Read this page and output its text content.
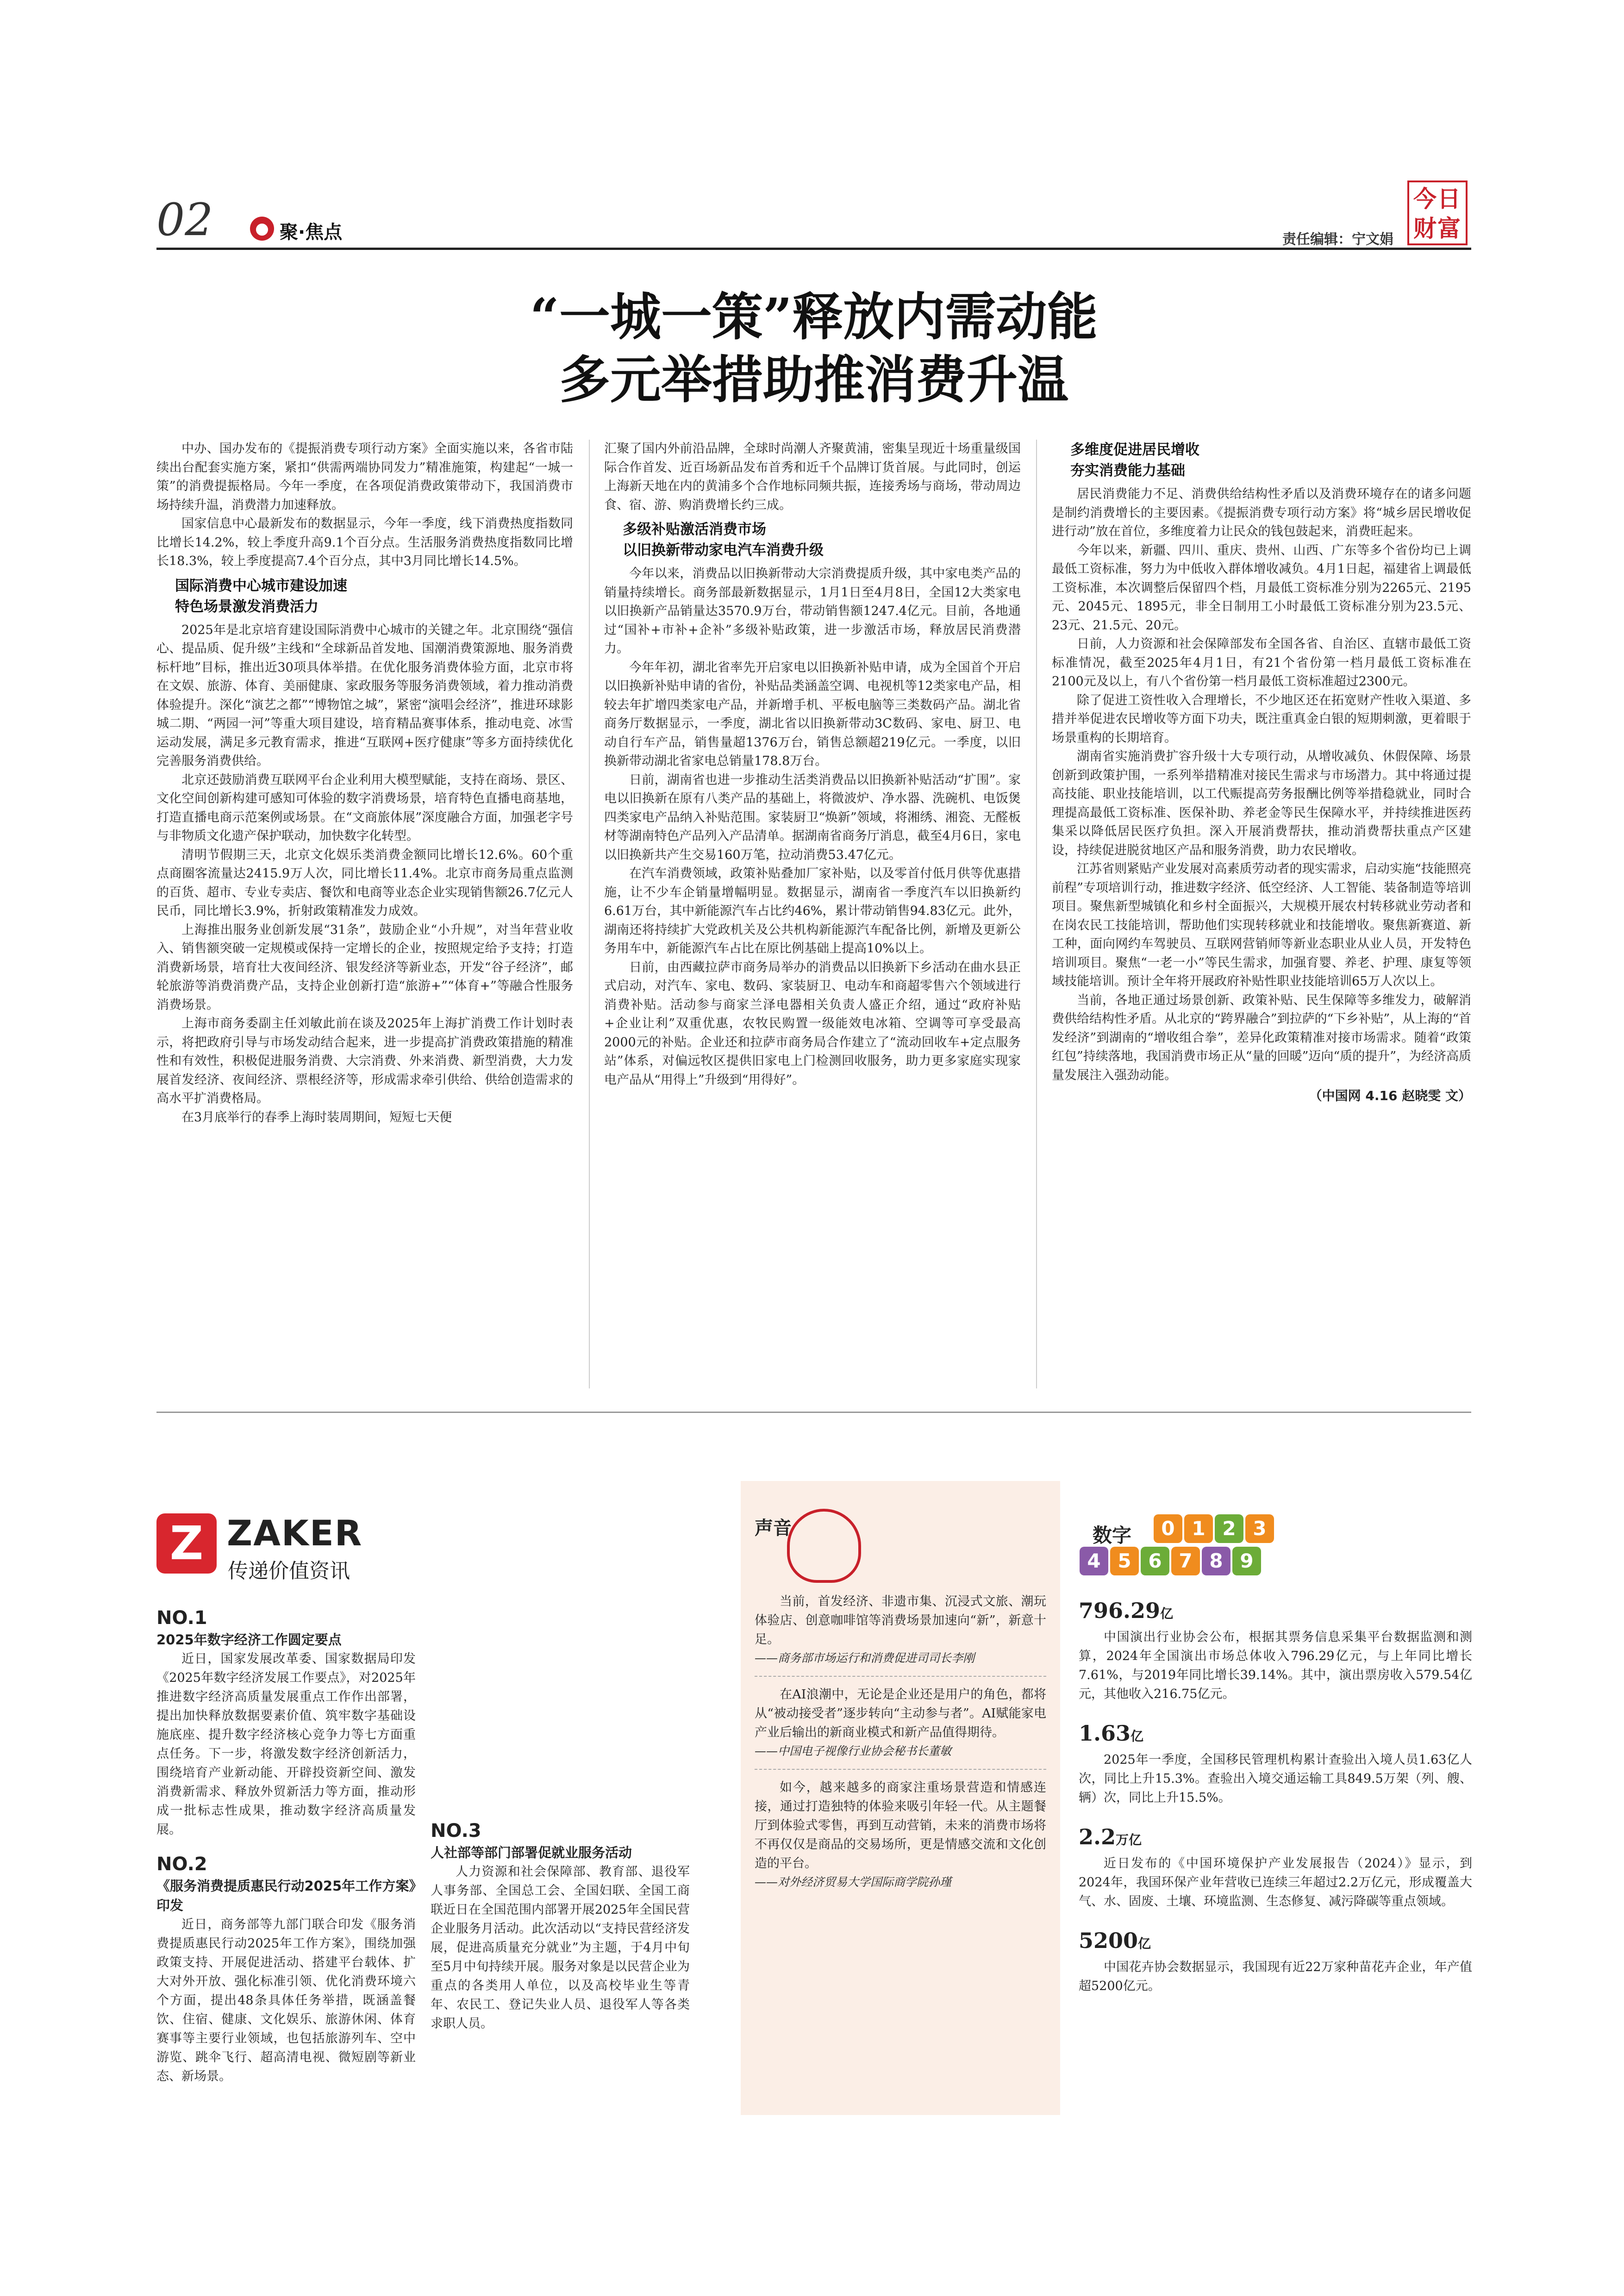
02	● 聚·焦点	责任编辑：宁文娟
今日财富
“一城一策”释放内需动能
多元举措助推消费升温

中办、国办发布的《提振消费专项行动方案》全面实施以来，各省市陆续出台配套实施方案，紧扣“供需两端协同发力”精准施策，构建起“一城一策”的消费提振格局。今年一季度，在各项促消费政策带动下，我国消费市场持续升温，消费潜力加速释放。

国家信息中心最新发布的数据显示，今年一季度，线下消费热度指数同比增长14.2%，较上季度升高9.1个百分点。生活服务消费热度指数同比增长18.3%，较上季度提高7.4个百分点，其中3月同比增长14.5%。

国际消费中心城市建设加速
特色场景激发消费活力

2025年是北京培育建设国际消费中心城市的关键之年。北京围绕“强信心、提品质、促升级”主线和“全球新品首发地、国潮消费策源地、服务消费标杆地”目标，推出近30项具体举措。在优化服务消费体验方面，北京市将在文娱、旅游、体育、美丽健康、家政服务等服务消费领域，着力推动消费体验提升。深化“演艺之都”“博物馆之城”，紧密“演唱会经济”，推进环球影城二期、“两园一河”等重大项目建设，培育精品赛事体系，推动电竞、冰雪运动发展，满足多元教育需求，推进“互联网+医疗健康”等多方面持续优化完善服务消费供给。

北京还鼓励消费互联网平台企业利用大模型赋能，支持在商场、景区、文化空间创新构建可感知可体验的数字消费场景，培育特色直播电商基地，打造直播电商示范案例或场景。在“文商旅体展”深度融合方面，加强老字号与非物质文化遗产保护联动，加快数字化转型。

清明节假期三天，北京文化娱乐类消费金额同比增长12.6%。60个重点商圈客流量达2415.9万人次，同比增长11.4%。北京市商务局重点监测的百货、超市、专业专卖店、餐饮和电商等业态企业实现销售额26.7亿元人民币，同比增长3.9%，折射政策精准发力成效。

上海推出服务业创新发展“31条”，鼓励企业“小升规”，对当年营业收入、销售额突破一定规模或保持一定增长的企业，按照规定给予支持；打造消费新场景，培育壮大夜间经济、银发经济等新业态，开发“谷子经济”，邮轮旅游等消费消费产品，支持企业创新打造“旅游+”“体育+”等融合性服务消费场景。

上海市商务委副主任刘敏此前在谈及2025年上海扩消费工作计划时表示，将把政府引导与市场发动结合起来，进一步提高扩消费政策措施的精准性和有效性，积极促进服务消费、大宗消费、外来消费、新型消费，大力发展首发经济、夜间经济、票根经济等，形成需求牵引供给、供给创造需求的高水平扩消费格局。

在3月底举行的春季上海时装周期间，短短七天便

汇聚了国内外前沿品牌，全球时尚潮人齐聚黄浦，密集呈现近十场重量级国际合作首发、近百场新品发布首秀和近千个品牌订货首展。与此同时，创运上海新天地在内的黄浦多个合作地标同频共振，连接秀场与商场，带动周边食、宿、游、购消费增长约三成。

多级补贴激活消费市场
以旧换新带动家电汽车消费升级

今年以来，消费品以旧换新带动大宗消费提质升级，其中家电类产品的销量持续增长。商务部最新数据显示，1月1日至4月8日，全国12大类家电以旧换新产品销量达3570.9万台，带动销售额1247.4亿元。目前，各地通过“国补+市补+企补”多级补贴政策，进一步激活市场，释放居民消费潜力。

今年年初，湖北省率先开启家电以旧换新补贴申请，成为全国首个开启以旧换新补贴申请的省份，补贴品类涵盖空调、电视机等12类家电产品，相较去年扩增四类家电产品，并新增手机、平板电脑等三类数码产品。湖北省商务厅数据显示，一季度，湖北省以旧换新带动3C数码、家电、厨卫、电动自行车产品，销售量超1376万台，销售总额超219亿元。一季度，以旧换新带动湖北省家电总销量178.8万台。

日前，湖南省也进一步推动生活类消费品以旧换新补贴活动“扩围”。家电以旧换新在原有八类产品的基础上，将微波炉、净水器、洗碗机、电饭煲四类家电产品纳入补贴范围。家装厨卫“焕新”领域，将湘绣、湘瓷、无醛板材等湖南特色产品列入产品清单。据湖南省商务厅消息，截至4月6日，家电以旧换新共产生交易160万笔，拉动消费53.47亿元。

在汽车消费领域，政策补贴叠加厂家补贴，以及零首付低月供等优惠措施，让不少车企销量增幅明显。数据显示，湖南省一季度汽车以旧换新约6.61万台，其中新能源汽车占比约46%，累计带动销售94.83亿元。此外，湖南还将持续扩大党政机关及公共机构新能源汽车配备比例，新增及更新公务用车中，新能源汽车占比在原比例基础上提高10%以上。

日前，由西藏拉萨市商务局举办的消费品以旧换新下乡活动在曲水县正式启动，对汽车、家电、数码、家装厨卫、电动车和商超零售六个领域进行消费补贴。活动参与商家兰泽电器相关负责人盛正介绍，通过“政府补贴+企业让利”双重优惠，农牧民购置一级能效电冰箱、空调等可享受最高2000元的补贴。企业还和拉萨市商务局合作建立了“流动回收车+定点服务站”体系，对偏远牧区提供旧家电上门检测回收服务，助力更多家庭实现家电产品从“用得上”升级到“用得好”。

多维度促进居民增收
夯实消费能力基础

居民消费能力不足、消费供给结构性矛盾以及消费环境存在的诸多问题是制约消费增长的主要因素。《提振消费专项行动方案》将“城乡居民增收促进行动”放在首位，多维度着力让民众的钱包鼓起来，消费旺起来。

今年以来，新疆、四川、重庆、贵州、山西、广东等多个省份均已上调最低工资标准，努力为中低收入群体增收减负。4月1日起，福建省上调最低工资标准，本次调整后保留四个档，月最低工资标准分别为2265元、2195元、2045元、1895元，非全日制用工小时最低工资标准分别为23.5元、23元、21.5元、20元。

日前，人力资源和社会保障部发布全国各省、自治区、直辖市最低工资标准情况，截至2025年4月1日，有21个省份第一档月最低工资标准在2100元及以上，有八个省份第一档月最低工资标准超过2300元。

除了促进工资性收入合理增长，不少地区还在拓宽财产性收入渠道、多措并举促进农民增收等方面下功夫，既注重真金白银的短期刺激，更着眼于场景重构的长期培育。

湖南省实施消费扩容升级十大专项行动，从增收减负、休假保障、场景创新到政策护围，一系列举措精准对接民生需求与市场潜力。其中将通过提高技能、职业技能培训，以工代赈提高劳务报酬比例等举措稳就业，同时合理提高最低工资标准、医保补助、养老金等民生保障水平，并持续推进医药集采以降低居民医疗负担。深入开展消费帮扶，推动消费帮扶重点产区建设，持续促进脱贫地区产品和服务消费，助力农民增收。

江苏省则紧贴产业发展对高素质劳动者的现实需求，启动实施“技能照亮前程”专项培训行动，推进数字经济、低空经济、人工智能、装备制造等培训项目。聚焦新型城镇化和乡村全面振兴，大规模开展农村转移就业劳动者和在岗农民工技能培训，帮助他们实现转移就业和技能增收。聚焦新赛道、新工种，面向网约车驾驶员、互联网营销师等新业态职业从业人员，开发特色培训项目。聚焦“一老一小”等民生需求，加强育婴、养老、护理、康复等领域技能培训。预计全年将开展政府补贴性职业技能培训65万人次以上。

当前，各地正通过场景创新、政策补贴、民生保障等多维发力，破解消费供给结构性矛盾。从北京的“跨界融合”到拉萨的“下乡补贴”，从上海的“首发经济”到湖南的“增收组合拳”，差异化政策精准对接市场需求。随着“政策红包”持续落地，我国消费市场正从“量的回暖”迈向“质的提升”，为经济高质量发展注入强劲动能。

（中国网 4.16 赵晓雯 文）
Z ZAKER
传递价值资讯
NO.1
2025年数字经济工作圆定要点

近日，国家发展改革委、国家数据局印发《2025年数字经济发展工作要点》，对2025年推进数字经济高质量发展重点工作作出部署，提出加快释放数据要素价值、筑牢数字基础设施底座、提升数字经济核心竞争力等七方面重点任务。下一步，将激发数字经济创新活力，围绕培育产业新动能、开辟投资新空间、激发消费新需求、释放外贸新活力等方面，推动形成一批标志性成果，推动数字经济高质量发展。

NO.2
《服务消费提质惠民行动2025年工作方案》印发

近日，商务部等九部门联合印发《服务消费提质惠民行动2025年工作方案》，围绕加强政策支持、开展促进活动、搭建平台载体、扩大对外开放、强化标准引领、优化消费环境六个方面，提出48条具体任务举措，既涵盖餐饮、住宿、健康、文化娱乐、旅游休闲、体育赛事等主要行业领域，也包括旅游列车、空中游览、跳伞飞行、超高清电视、微短剧等新业态、新场景。

NO.3
人社部等部门部署促就业服务活动

人力资源和社会保障部、教育部、退役军人事务部、全国总工会、全国妇联、全国工商联近日在全国范围内部署开展2025年全国民营企业服务月活动。此次活动以“支持民营经济发展，促进高质量充分就业”为主题，于4月中旬至5月中旬持续开展。服务对象是以民营企业为重点的各类用人单位，以及高校毕业生等青年、农民工、登记失业人员、退役军人等各类求职人员。

声音

当前，首发经济、非遗市集、沉浸式文旅、潮玩体验店、创意咖啡馆等消费场景加速向“新”，新意十足。

——商务部市场运行和消费促进司司长李刚

在AI浪潮中，无论是企业还是用户的角色，都将从“被动接受者”逐步转向“主动参与者”。AI赋能家电产业后输出的新商业模式和新产品值得期待。

——中国电子视像行业协会秘书长董敏

如今，越来越多的商家注重场景营造和情感连接，通过打造独特的体验来吸引年轻一代。从主题餐厅到体验式零售，再到互动营销，未来的消费市场将不再仅仅是商品的交易场所，更是情感交流和文化创造的平台。

——对外经济贸易大学国际商学院孙瑾
数字	0 1 2 3
4 5 6 7 8 9
796.29亿

中国演出行业协会公布，根据其票务信息采集平台数据监测和测算，2024年全国演出市场总体收入796.29亿元，与上年同比增长7.61%，与2019年同比增长39.14%。其中，演出票房收入579.54亿元，其他收入216.75亿元。

1.63亿

2025年一季度，全国移民管理机构累计查验出入境人员1.63亿人次，同比上升15.3%。查验出入境交通运输工具849.5万架（列、艘、辆）次，同比上升15.5%。

2.2万亿

近日发布的《中国环境保护产业发展报告（2024）》显示，到2024年，我国环保产业年营收已连续三年超过2.2万亿元，形成覆盖大气、水、固废、土壤、环境监测、生态修复、减污降碳等重点领域。

5200亿

中国花卉协会数据显示，我国现有近22万家种苗花卉企业，年产值超5200亿元。
